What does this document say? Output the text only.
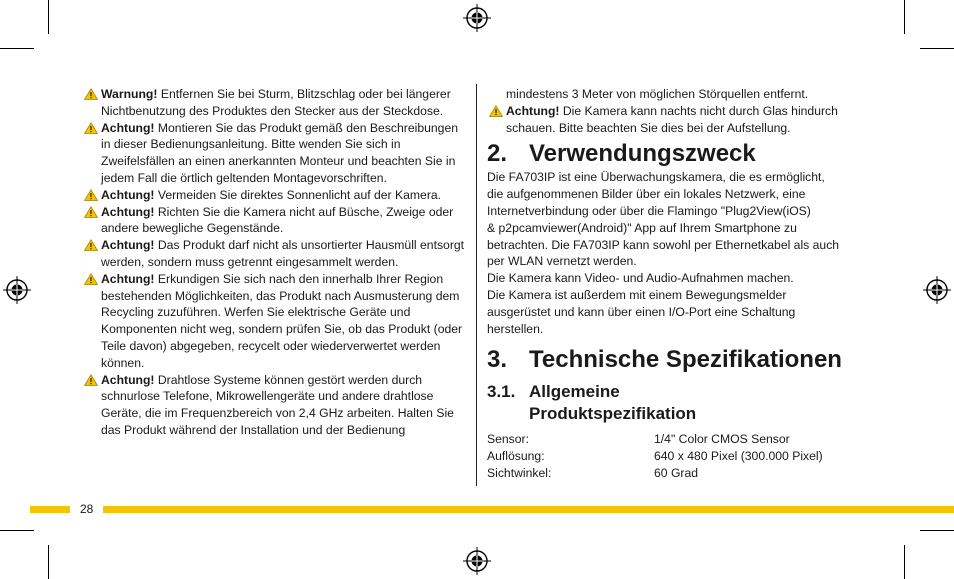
Warnung! Entfernen Sie bei Sturm, Blitzschlag oder bei längerer Nichtbenutzung des Produktes den Stecker aus der Steckdose.
Achtung! Montieren Sie das Produkt gemäß den Beschreibungen in dieser Bedienungsanleitung. Bitte wenden Sie sich in Zweifelsfällen an einen anerkannten Monteur und beachten Sie in jedem Fall die örtlich geltenden Montagevorschriften.
Achtung! Vermeiden Sie direktes Sonnenlicht auf der Kamera.
Achtung! Richten Sie die Kamera nicht auf Büsche, Zweige oder andere bewegliche Gegenstände.
Achtung! Das Produkt darf nicht als unsortierter Hausmüll entsorgt werden, sondern muss getrennt eingesammelt werden.
Achtung! Erkundigen Sie sich nach den innerhalb Ihrer Region bestehenden Möglichkeiten, das Produkt nach Ausmusterung dem Recycling zuzuführen. Werfen Sie elektrische Geräte und Komponenten nicht weg, sondern prüfen Sie, ob das Produkt (oder Teile davon) abgegeben, recycelt oder wiederverwertet werden können.
Achtung! Drahtlose Systeme können gestört werden durch schnurlose Telefone, Mikrowellengeräte und andere drahtlose Geräte, die im Frequenzbereich von 2,4 GHz arbeiten. Halten Sie das Produkt während der Installation und der Bedienung
mindestens 3 Meter von möglichen Störquellen entfernt.
Achtung! Die Kamera kann nachts nicht durch Glas hindurch schauen. Bitte beachten Sie dies bei der Aufstellung.
2. Verwendungszweck
Die FA703IP ist eine Überwachungskamera, die es ermöglicht,
die aufgenommenen Bilder über ein lokales Netzwerk, eine
Internetverbindung oder über die Flamingo "Plug2View(iOS)
& p2pcamviewer(Android)" App auf Ihrem Smartphone zu
betrachten. Die FA703IP kann sowohl per Ethernetkabel als auch
per WLAN vernetzt werden.
Die Kamera kann Video- und Audio-Aufnahmen machen.
Die Kamera ist außerdem mit einem Bewegungsmelder
ausgerüstet und kann über einen I/O-Port eine Schaltung
herstellen.
3. Technische Spezifikationen
3.1. Allgemeine
Produktspezifikation
Sensor:	1/4" Color CMOS Sensor
Auflösung:	640 x 480 Pixel (300.000 Pixel)
Sichtwinkel:	60 Grad
28
